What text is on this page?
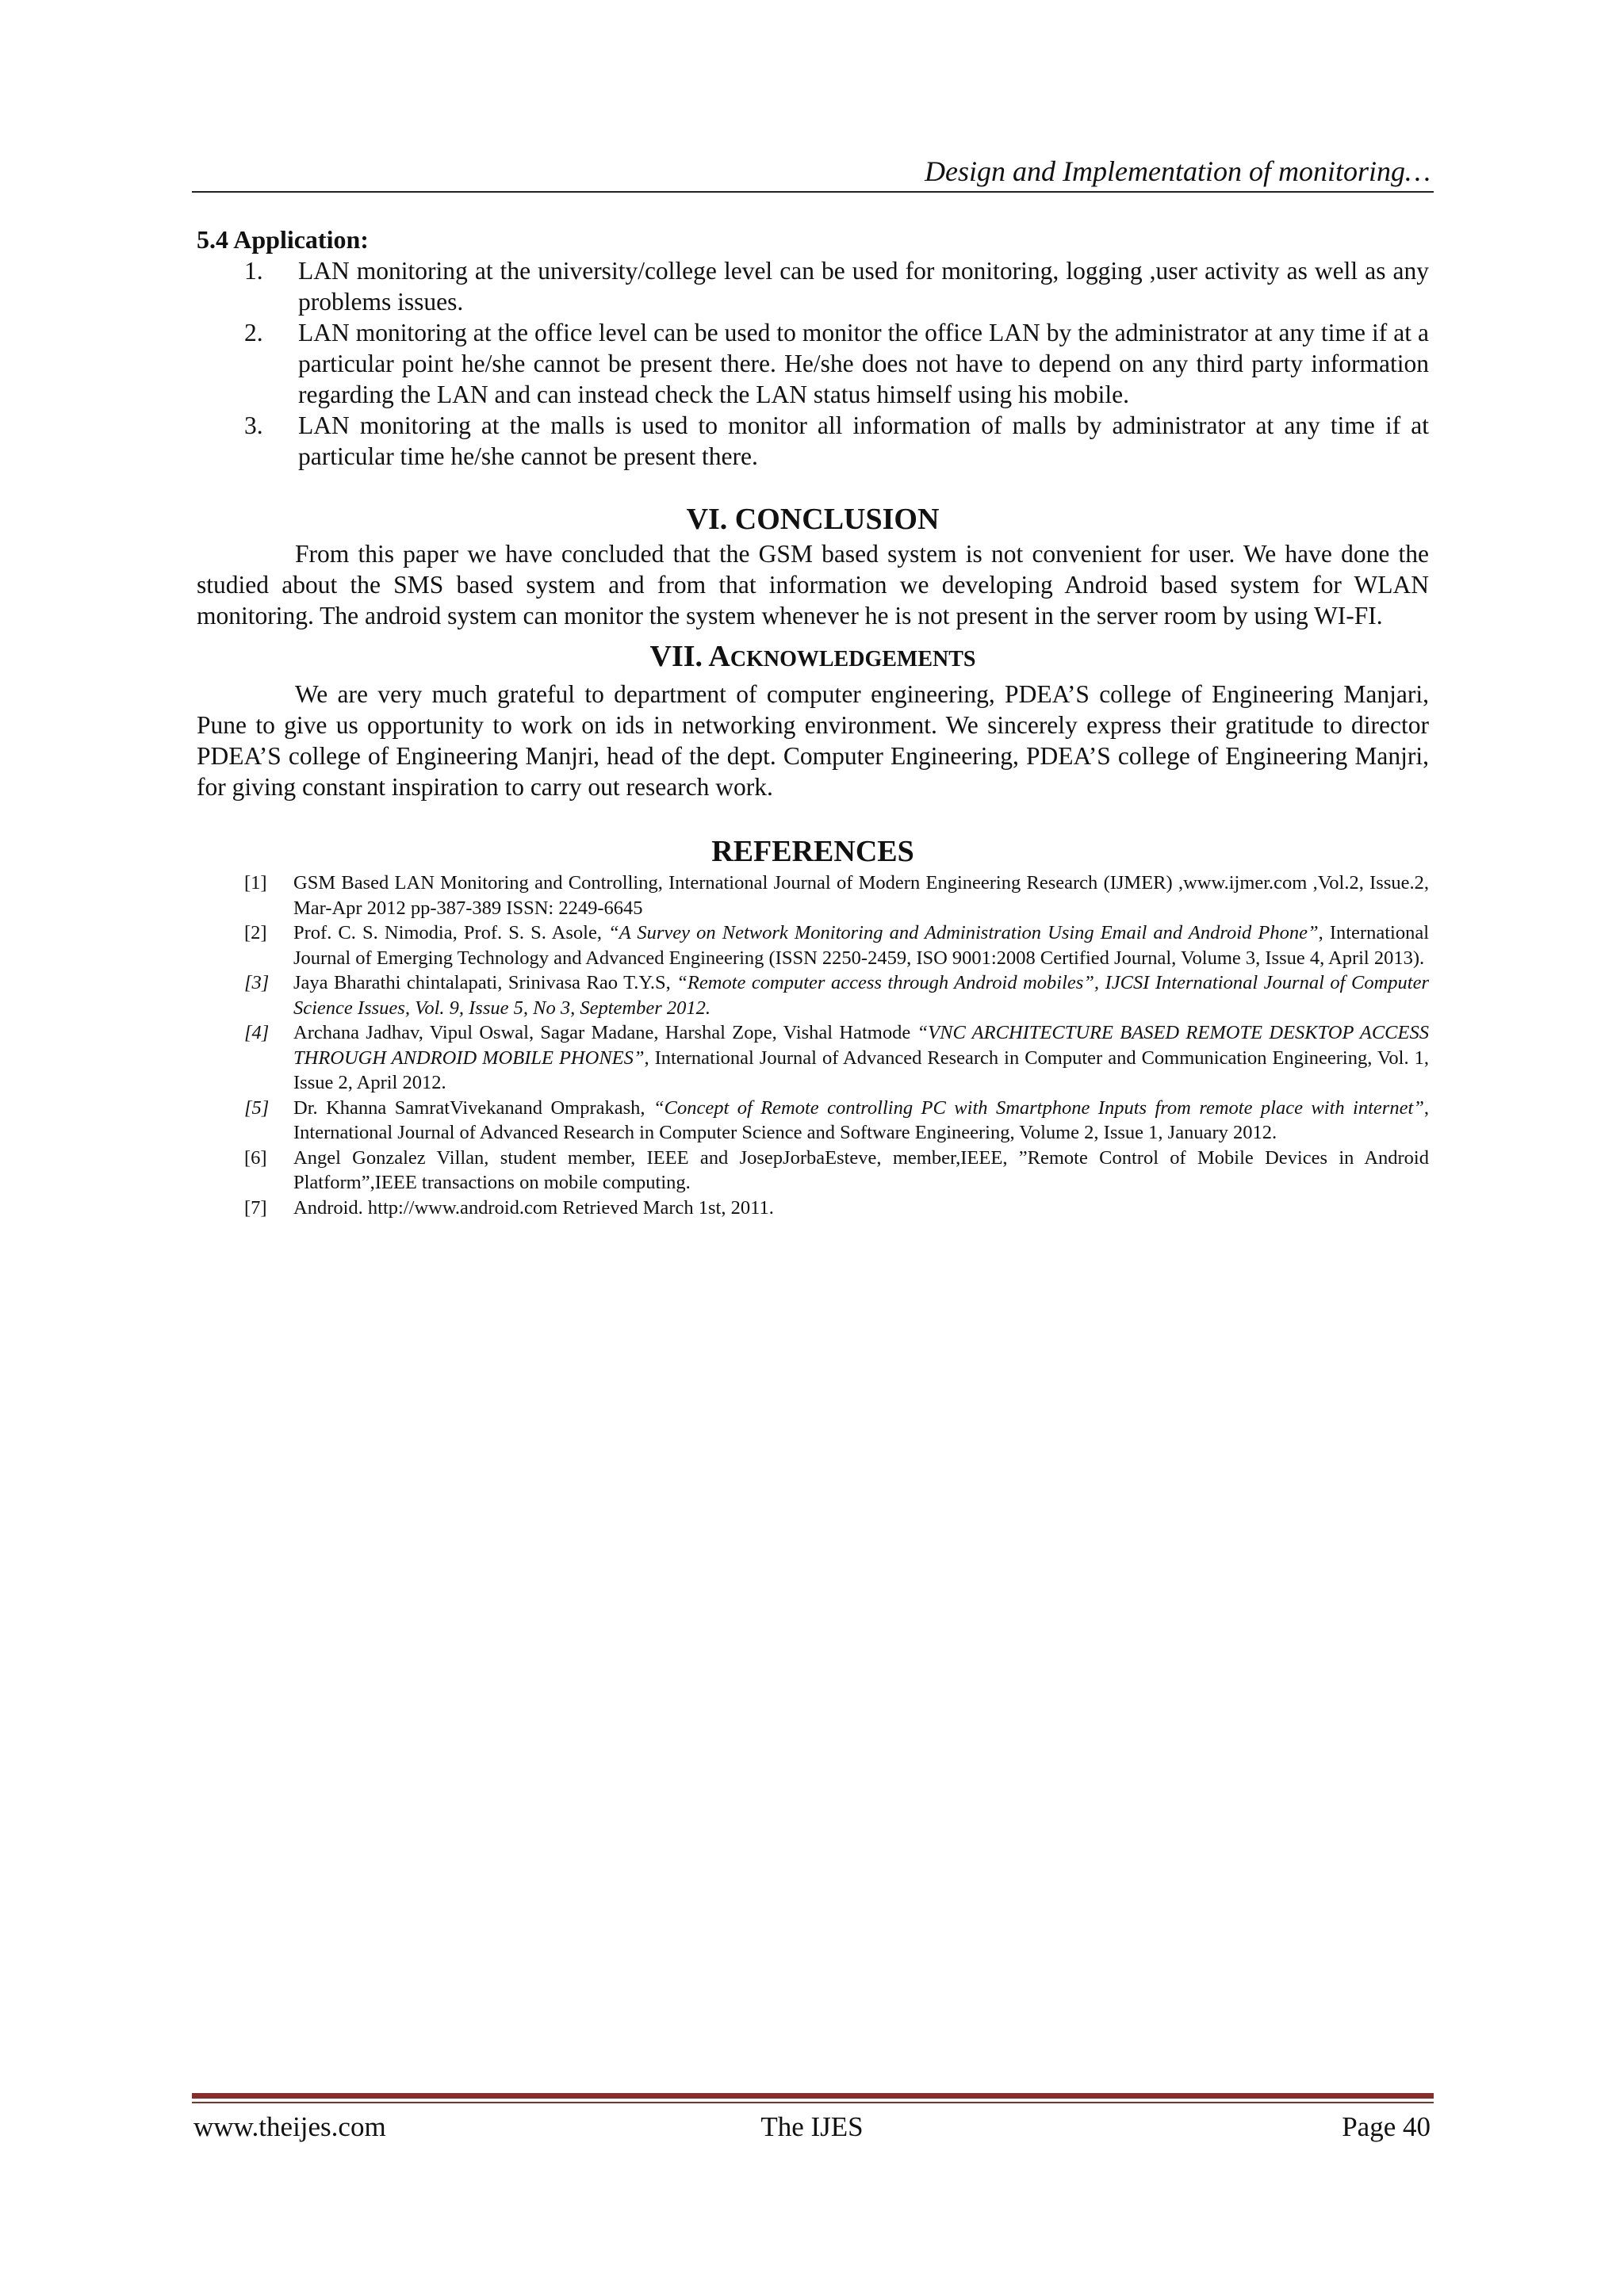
Design and Implementation of monitoring…
5.4 Application:
1.	LAN monitoring at the university/college level can be used for monitoring, logging ,user activity as well as any problems issues.
2.	LAN monitoring at the office level can be used to monitor the office LAN by the administrator at any time if at a particular point he/she cannot be present there. He/she does not have to depend on any third party information regarding the LAN and can instead check the LAN status himself using his mobile.
3.	LAN monitoring at the malls is used to monitor all information of malls by administrator at any time if at particular time he/she cannot be present there.
VI. CONCLUSION

From this paper we have concluded that the GSM based system is not convenient for user. We have done the studied about the SMS based system and from that information we developing Android based system for WLAN monitoring. The android system can monitor the system whenever he is not present in the server room by using WI-FI.

VII. ACKNOWLEDGEMENTS

We are very much grateful to department of computer engineering, PDEA’S college of Engineering Manjari, Pune to give us opportunity to work on ids in networking environment. We sincerely express their gratitude to director PDEA’S college of Engineering Manjri, head of the dept. Computer Engineering, PDEA’S college of Engineering Manjri, for giving constant inspiration to carry out research work.

REFERENCES
[1]	GSM Based LAN Monitoring and Controlling, International Journal of Modern Engineering Research (IJMER) ,www.ijmer.com ,Vol.2, Issue.2, Mar-Apr 2012 pp-387-389 ISSN: 2249-6645
[2]	Prof. C. S. Nimodia, Prof. S. S. Asole, “A Survey on Network Monitoring and Administration Using Email and Android Phone”, International Journal of Emerging Technology and Advanced Engineering (ISSN 2250-2459, ISO 9001:2008 Certified Journal, Volume 3, Issue 4, April 2013).
[3]	Jaya Bharathi chintalapati, Srinivasa Rao T.Y.S, “Remote computer access through Android mobiles”, IJCSI International Journal of Computer Science Issues, Vol. 9, Issue 5, No 3, September 2012.
[4]	Archana Jadhav, Vipul Oswal, Sagar Madane, Harshal Zope, Vishal Hatmode “VNC ARCHITECTURE BASED REMOTE DESKTOP ACCESS THROUGH ANDROID MOBILE PHONES”, International Journal of Advanced Research in Computer and Communication Engineering, Vol. 1, Issue 2, April 2012.
[5]	Dr. Khanna SamratVivekanand Omprakash, “Concept of Remote controlling PC with Smartphone Inputs from remote place with internet”, International Journal of Advanced Research in Computer Science and Software Engineering, Volume 2, Issue 1, January 2012.
[6]	Angel Gonzalez Villan, student member, IEEE and JosepJorbaEsteve, member,IEEE, ”Remote Control of Mobile Devices in Android Platform”,IEEE transactions on mobile computing.
[7]	Android. http://www.android.com Retrieved March 1st, 2011.
www.theijes.com	The IJES	Page 40
